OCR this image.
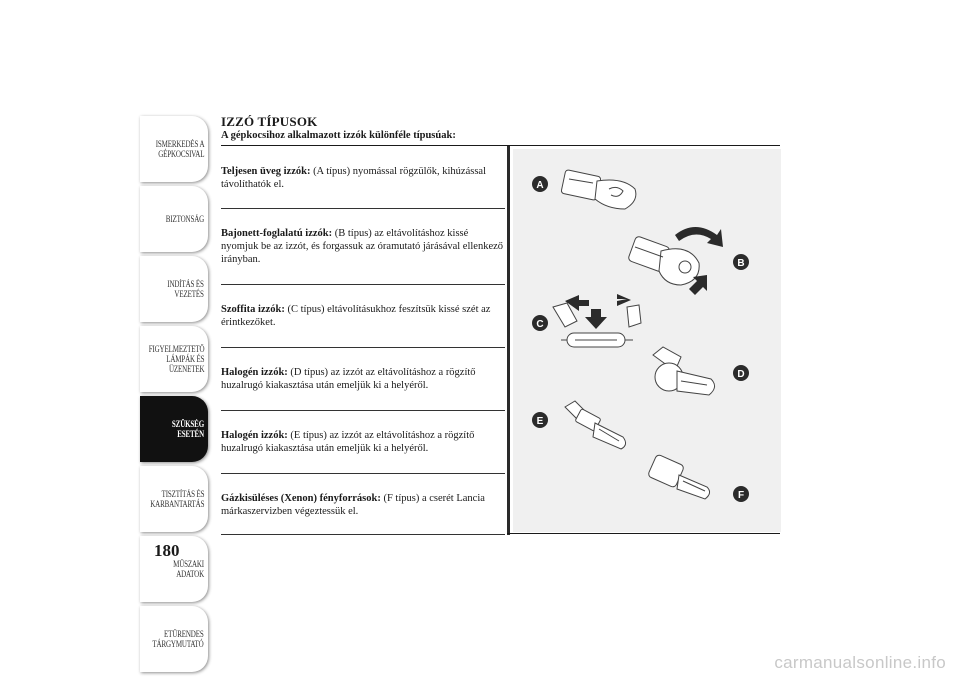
ISMERKEDÉS A
GÉPKOCSIVAL
BIZTONSÁG
INDÍTÁS ÉS
VEZETÉS
FIGYELMEZTETŐ
LÁMPÁK ÉS
ÜZENETEK
SZÜKSÉG ESETÉN
TISZTÍTÁS ÉS
KARBANTARTÁS
MŰSZAKI ADATOK
ETŰRENDES
TÁRGYMUTATÓ
180
IZZÓ TÍPUSOK
A gépkocsihoz alkalmazott izzók különféle típusúak:
Teljesen üveg izzók: (A típus) nyomással rögzülők, kihúzással távolíthatók el.
Bajonett-foglalatú izzók: (B típus) az eltávolításhoz kissé nyomjuk be az izzót, és forgassuk az óramutató járásával ellenkező irányban.
Szoffita izzók: (C típus) eltávolításukhoz feszítsük kissé szét az érintkezőket.
Halogén izzók: (D típus) az izzót az eltávolításhoz a rögzítő huzalrugó kiakasztása után emeljük ki a helyéről.
Halogén izzók: (E típus) az izzót az eltávolításhoz a rögzítő huzalrugó kiakasztása után emeljük ki a helyéről.
Gázkisüléses (Xenon) fényforrások: (F típus) a cserét Lancia márkaszervizben végeztessük el.
A
B
C
D
E
F
carmanualsonline.info
